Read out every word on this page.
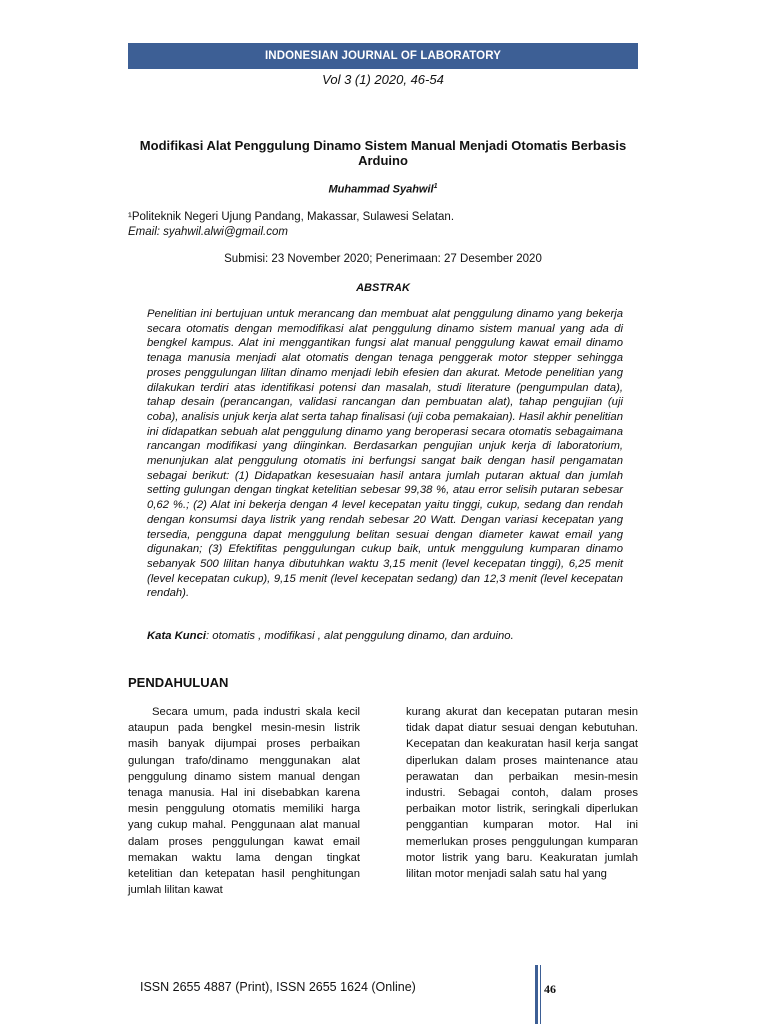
INDONESIAN JOURNAL OF LABORATORY
Vol 3 (1) 2020, 46-54
Modifikasi Alat Penggulung Dinamo Sistem Manual Menjadi Otomatis Berbasis Arduino
Muhammad Syahwil$^1$
¹Politeknik Negeri Ujung Pandang, Makassar, Sulawesi Selatan.
Email: syahwil.alwi@gmail.com
Submisi: 23 November 2020; Penerimaan: 27 Desember 2020
ABSTRAK
Penelitian ini bertujuan untuk merancang dan membuat alat penggulung dinamo yang bekerja secara otomatis dengan memodifikasi alat penggulung dinamo sistem manual yang ada di bengkel kampus. Alat ini menggantikan fungsi alat manual penggulung kawat email dinamo tenaga manusia menjadi alat otomatis dengan tenaga penggerak motor stepper sehingga proses penggulungan lilitan dinamo menjadi lebih efesien dan akurat. Metode penelitian yang dilakukan terdiri atas identifikasi potensi dan masalah, studi literature (pengumpulan data), tahap desain (perancangan, validasi rancangan dan pembuatan alat), tahap pengujian (uji coba), analisis unjuk kerja alat serta tahap finalisasi (uji coba pemakaian). Hasil akhir penelitian ini didapatkan sebuah alat penggulung dinamo yang beroperasi secara otomatis sebagaimana rancangan modifikasi yang diinginkan. Berdasarkan pengujian unjuk kerja di laboratorium, menunjukan alat penggulung otomatis ini berfungsi sangat baik dengan hasil pengamatan sebagai berikut: (1) Didapatkan kesesuaian hasil antara jumlah putaran aktual dan jumlah setting gulungan dengan tingkat ketelitian sebesar 99,38 %, atau error selisih putaran sebesar 0,62 %.; (2) Alat ini bekerja dengan 4 level kecepatan yaitu tinggi, cukup, sedang dan rendah dengan konsumsi daya listrik yang rendah sebesar 20 Watt. Dengan variasi kecepatan yang tersedia, pengguna dapat menggulung belitan sesuai dengan diameter kawat email yang digunakan; (3) Efektifitas penggulungan cukup baik, untuk menggulung kumparan dinamo sebanyak 500 lilitan hanya dibutuhkan waktu 3,15 menit (level kecepatan tinggi), 6,25 menit (level kecepatan cukup), 9,15 menit (level kecepatan sedang) dan 12,3 menit (level kecepatan rendah).
Kata Kunci: otomatis , modifikasi , alat penggulung dinamo, dan arduino.
PENDAHULUAN

Secara umum, pada industri skala kecil ataupun pada bengkel mesin-mesin listrik masih banyak dijumpai proses perbaikan gulungan trafo/dinamo menggunakan alat penggulung dinamo sistem manual dengan tenaga manusia. Hal ini disebabkan karena mesin penggulung otomatis memiliki harga yang cukup mahal. Penggunaan alat manual dalam proses penggulungan kawat email memakan waktu lama dengan tingkat ketelitian dan ketepatan hasil penghitungan jumlah lilitan kawat

kurang akurat dan kecepatan putaran mesin tidak dapat diatur sesuai dengan kebutuhan. Kecepatan dan keakuratan hasil kerja sangat diperlukan dalam proses maintenance atau perawatan dan perbaikan mesin-mesin industri. Sebagai contoh, dalam proses perbaikan motor listrik, seringkali diperlukan penggantian kumparan motor. Hal ini memerlukan proses penggulungan kumparan motor listrik yang baru. Keakuratan jumlah lilitan motor menjadi salah satu hal yang

ISSN 2655 4887 (Print), ISSN 2655 1624 (Online)	46
